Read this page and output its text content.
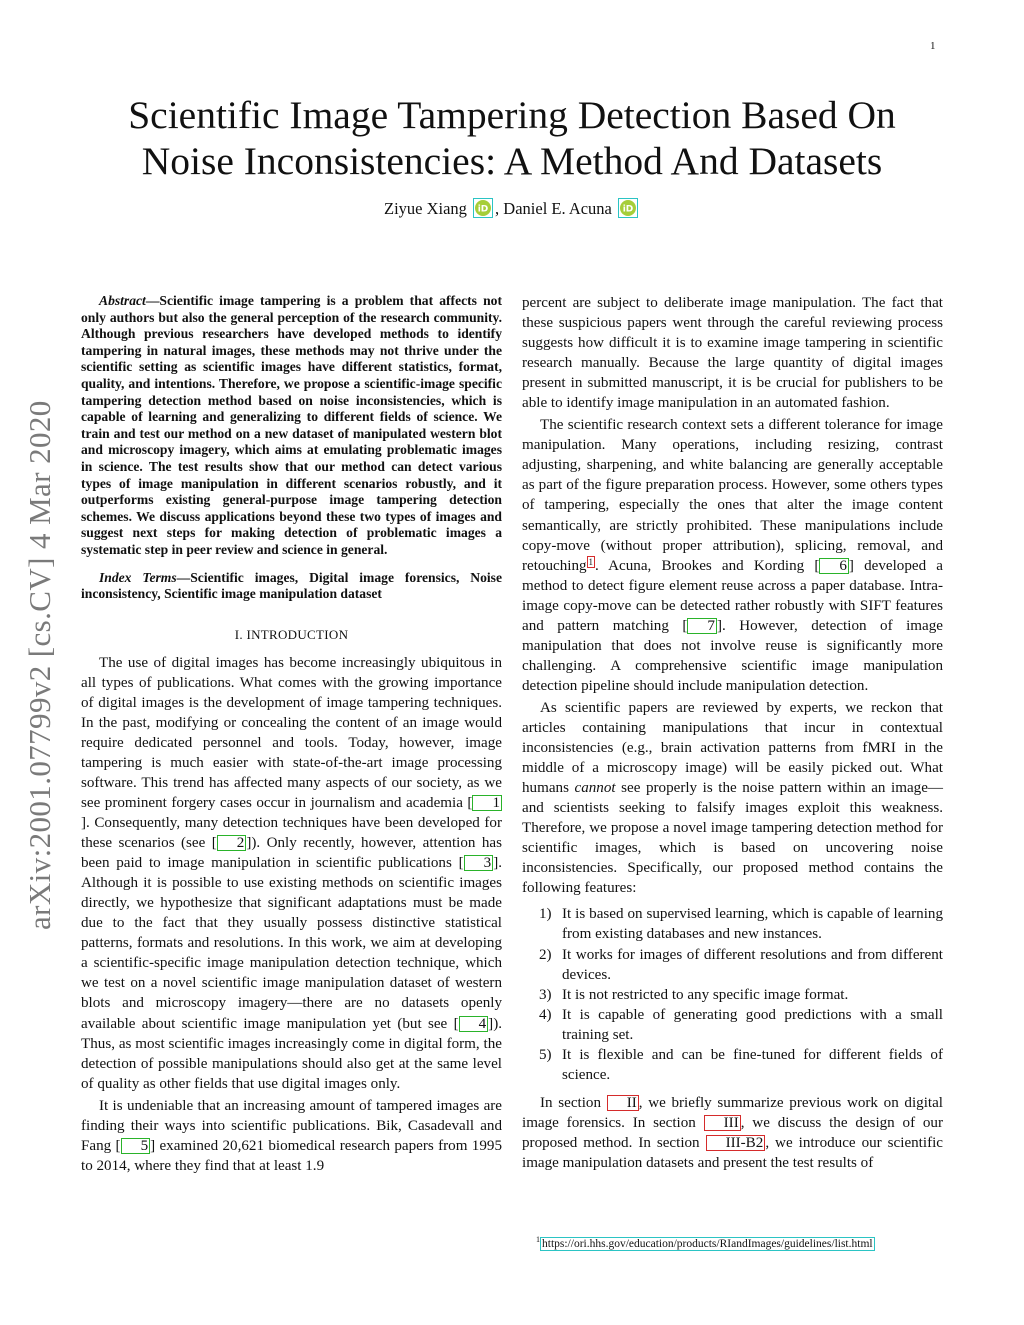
1
arXiv:2001.07799v2 [cs.CV] 4 Mar 2020
Scientific Image Tampering Detection Based On
Noise Inconsistencies: A Method And Datasets
Ziyue Xiang iD , Daniel E. Acuna iD

Abstract—Scientific image tampering is a problem that affects not only authors but also the general perception of the research community. Although previous researchers have developed methods to identify tampering in natural images, these methods may not thrive under the scientific setting as scientific images have different statistics, format, quality, and intentions. Therefore, we propose a scientific-image specific tampering detection method based on noise inconsistencies, which is capable of learning and generalizing to different fields of science. We train and test our method on a new dataset of manipulated western blot and microscopy imagery, which aims at emulating problematic images in science. The test results show that our method can detect various types of image manipulation in different scenarios robustly, and it outperforms existing general-purpose image tampering detection schemes. We discuss applications beyond these two types of images and suggest next steps for making detection of problematic images a systematic step in peer review and science in general.

Index Terms—Scientific images, Digital image forensics, Noise inconsistency, Scientific image manipulation dataset

I. INTRODUCTION

The use of digital images has become increasingly ubiquitous in all types of publications. What comes with the growing importance of digital images is the development of image tampering techniques. In the past, modifying or concealing the content of an image would require dedicated personnel and tools. Today, however, image tampering is much easier with state-of-the-art image processing software. This trend has affected many aspects of our society, as we see prominent forgery cases occur in journalism and academia [ 1]. Consequently, many detection techniques have been developed for these scenarios (see [ 2 ]). Only recently, however, attention has been paid to image manipulation in scientific publications [ 3 ]. Although it is possible to use existing methods on scientific images directly, we hypothesize that significant adaptations must be made due to the fact that they usually possess distinctive statistical patterns, formats and resolutions. In this work, we aim at developing a scientific-specific image manipulation detection technique, which we test on a novel scientific image manipulation dataset of western blots and microscopy imagery—there are no datasets openly available about scientific image manipulation yet (but see [ 4 ]). Thus, as most scientific images increasingly come in digital form, the detection of possible manipulations should also get at the same level of quality as other fields that use digital images only.

It is undeniable that an increasing amount of tampered images are finding their ways into scientific publications. Bik, Casadevall and Fang [ 5 ] examined 20,621 biomedical research papers from 1995 to 2014, where they find that at least 1.9

percent are subject to deliberate image manipulation. The fact that these suspicious papers went through the careful reviewing process suggests how difficult it is to examine image tampering in scientific research manually. Because the large quantity of digital images present in submitted manuscript, it is be crucial for publishers to be able to identify image manipulation in an automated fashion.

The scientific research context sets a different tolerance for image manipulation. Many operations, including resizing, contrast adjusting, sharpening, and white balancing are generally acceptable as part of the figure preparation process. However, some others types of tampering, especially the ones that alter the image content semantically, are strictly prohibited. These manipulations include copy-move (without proper attribution), splicing, removal, and retouching $^1$ . Acuna, Brookes and Kording [ 6 ] developed a method to detect figure element reuse across a paper database. Intra-image copy-move can be detected rather robustly with SIFT features and pattern matching [ 7 ]. However, detection of image manipulation that does not involve reuse is significantly more challenging. A comprehensive scientific image manipulation detection pipeline should include manipulation detection.

As scientific papers are reviewed by experts, we reckon that articles containing manipulations that incur in contextual inconsistencies (e.g., brain activation patterns from fMRI in the middle of a microscopy image) will be easily picked out. What humans cannot see properly is the noise pattern within an image—and scientists seeking to falsify images exploit this weakness. Therefore, we propose a novel image tampering detection method for scientific images, which is based on uncovering noise inconsistencies. Specifically, our proposed method contains the following features:

1) It is based on supervised learning, which is capable of learning from existing databases and new instances.
2) It works for images of different resolutions and from different devices.
3) It is not restricted to any specific image format.
4) It is capable of generating good predictions with a small training set.
5) It is flexible and can be fine-tuned for different fields of science.

In section II , we briefly summarize previous work on digital image forensics. In section III , we discuss the design of our proposed method. In section III-B2 , we introduce our scientific image manipulation datasets and present the test results of

$^1$ https://ori.hhs.gov/education/products/RIandImages/guidelines/list.html
